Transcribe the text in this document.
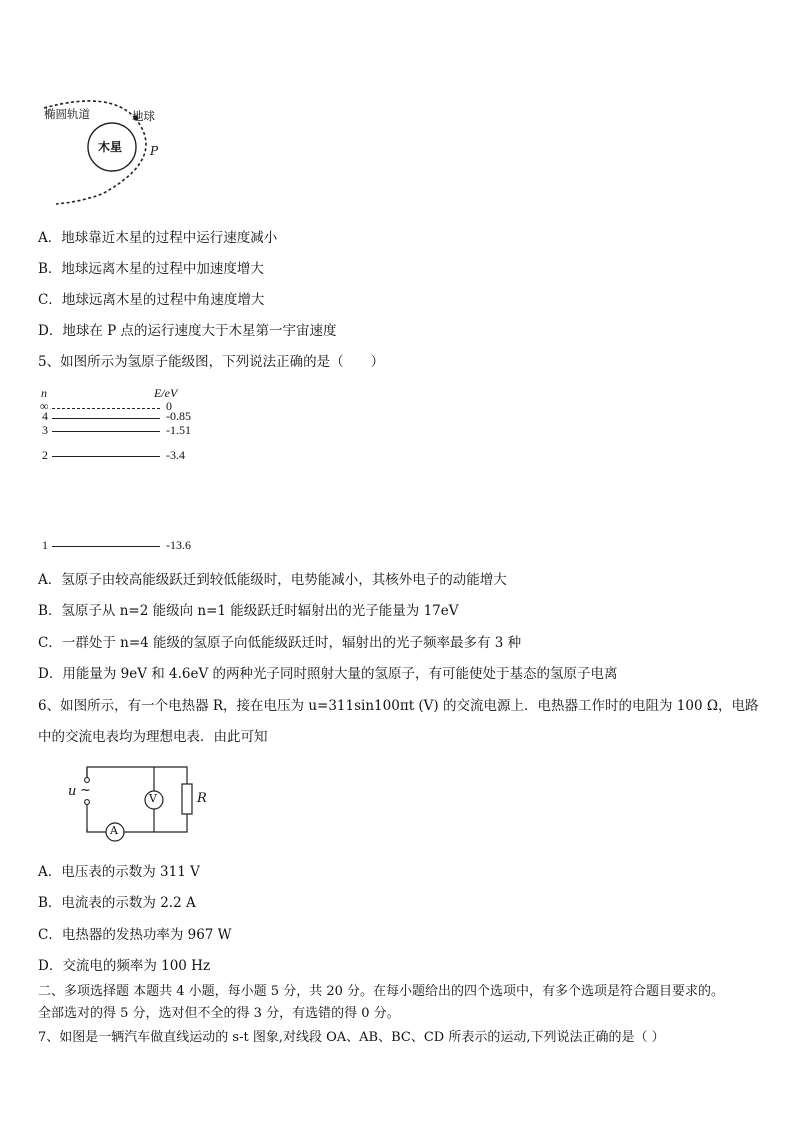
椭圆轨道	地球
木星 P
A．地球靠近木星的过程中运行速度减小
B．地球远离木星的过程中加速度增大
C．地球远离木星的过程中角速度增大
D．地球在 P 点的运行速度大于木星第一宇宙速度
5、如图所示为氢原子能级图，下列说法正确的是（　　）
n	E/eV
∞	0
4	-0.85
3	-1.51
2	-3.4
1	-13.6
A．氢原子由较高能级跃迁到较低能级时，电势能减小，其核外电子的动能增大
B．氢原子从 n=2 能级向 n=1 能级跃迁时辐射出的光子能量为 17eV
C．一群处于 n=4 能级的氢原子向低能级跃迁时，辐射出的光子频率最多有 3 种
D．用能量为 9eV 和 4.6eV 的两种光子同时照射大量的氢原子，有可能使处于基态的氢原子电离
6、如图所示，有一个电热器 R，接在电压为 u=311sin100πt (V) 的交流电源上．电热器工作时的电阻为 100 Ω，电路
中的交流电表均为理想电表．由此可知
u ~
V
A
R
A．电压表的示数为 311 V
B．电流表的示数为 2.2 A
C．电热器的发热功率为 967 W
D．交流电的频率为 100 Hz
二、多项选择题 本题共 4 小题，每小题 5 分，共 20 分。在每小题给出的四个选项中，有多个选项是符合题目要求的。
全部选对的得 5 分，选对但不全的得 3 分，有选错的得 0 分。
7、如图是一辆汽车做直线运动的 s-t 图象,对线段 OA、AB、BC、CD 所表示的运动,下列说法正确的是（ ）
